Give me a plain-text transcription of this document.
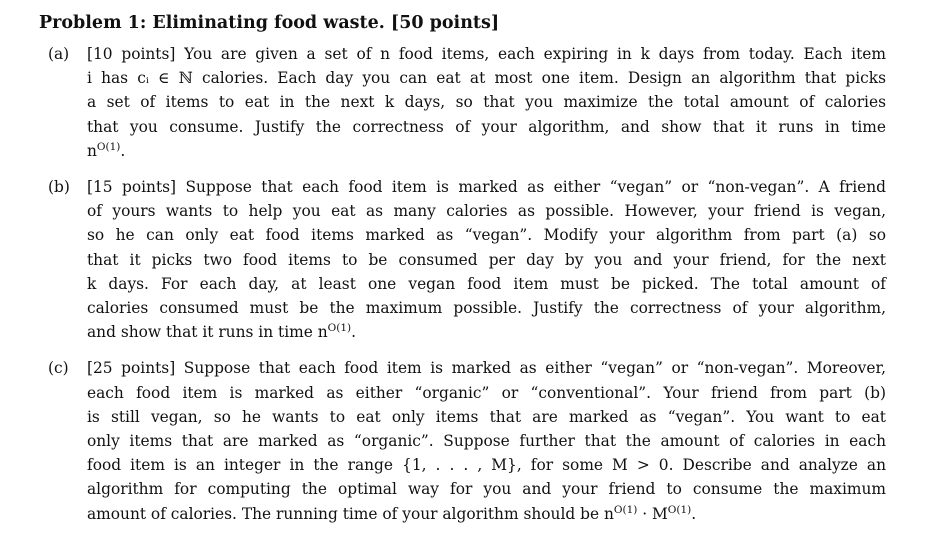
Problem 1: Eliminating food waste. [50 points]
(a) [10 points] You are given a set of n food items, each expiring in k days from today. Each item
i has cᵢ ∈ ℕ calories. Each day you can eat at most one item. Design an algorithm that picks
a set of items to eat in the next k days, so that you maximize the total amount of calories
that you consume. Justify the correctness of your algorithm, and show that it runs in time
$n^{O(1)}$.
(b) [15 points] Suppose that each food item is marked as either “vegan” or “non-vegan”. A friend
of yours wants to help you eat as many calories as possible. However, your friend is vegan,
so he can only eat food items marked as “vegan”. Modify your algorithm from part (a) so
that it picks two food items to be consumed per day by you and your friend, for the next
k days. For each day, at least one vegan food item must be picked. The total amount of
calories consumed must be the maximum possible. Justify the correctness of your algorithm,
and show that it runs in time $n^{O(1)}$.
(c) [25 points] Suppose that each food item is marked as either “vegan” or “non-vegan”. Moreover,
each food item is marked as either “organic” or “conventional”. Your friend from part (b)
is still vegan, so he wants to eat only items that are marked as “vegan”. You want to eat
only items that are marked as “organic”. Suppose further that the amount of calories in each
food item is an integer in the range {1, . . . , M}, for some M > 0. Describe and analyze an
algorithm for computing the optimal way for you and your friend to consume the maximum
amount of calories. The running time of your algorithm should be $n^{O(1)} \cdot M^{O(1)}$.
